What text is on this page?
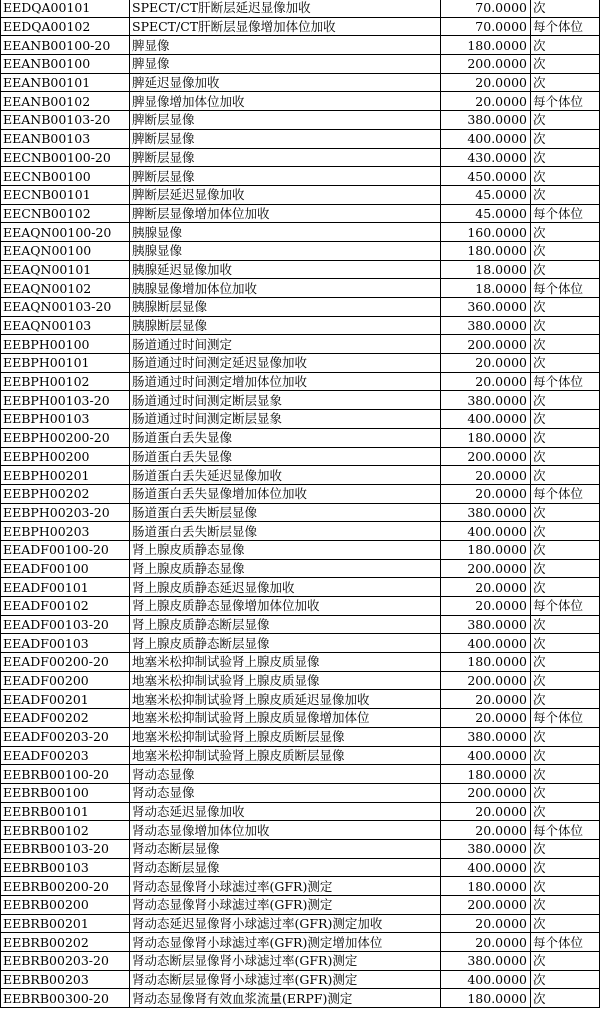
EEDQA00101	SPECT/CT肝断层延迟显像加收	70.0000	次
EEDQA00102	SPECT/CT肝断层显像增加体位加收	70.0000	每个体位
EEANB00100-20	脾显像	180.0000	次
EEANB00100	脾显像	200.0000	次
EEANB00101	脾延迟显像加收	20.0000	次
EEANB00102	脾显像增加体位加收	20.0000	每个体位
EEANB00103-20	脾断层显像	380.0000	次
EEANB00103	脾断层显像	400.0000	次
EECNB00100-20	脾断层显像	430.0000	次
EECNB00100	脾断层显像	450.0000	次
EECNB00101	脾断层延迟显像加收	45.0000	次
EECNB00102	脾断层显像增加体位加收	45.0000	每个体位
EEAQN00100-20	胰腺显像	160.0000	次
EEAQN00100	胰腺显像	180.0000	次
EEAQN00101	胰腺延迟显像加收	18.0000	次
EEAQN00102	胰腺显像增加体位加收	18.0000	每个体位
EEAQN00103-20	胰腺断层显像	360.0000	次
EEAQN00103	胰腺断层显像	380.0000	次
EEBPH00100	肠道通过时间测定	200.0000	次
EEBPH00101	肠道通过时间测定延迟显像加收	20.0000	次
EEBPH00102	肠道通过时间测定增加体位加收	20.0000	每个体位
EEBPH00103-20	肠道通过时间测定断层显象	380.0000	次
EEBPH00103	肠道通过时间测定断层显象	400.0000	次
EEBPH00200-20	肠道蛋白丢失显像	180.0000	次
EEBPH00200	肠道蛋白丢失显像	200.0000	次
EEBPH00201	肠道蛋白丢失延迟显像加收	20.0000	次
EEBPH00202	肠道蛋白丢失显像增加体位加收	20.0000	每个体位
EEBPH00203-20	肠道蛋白丢失断层显像	380.0000	次
EEBPH00203	肠道蛋白丢失断层显像	400.0000	次
EEADF00100-20	肾上腺皮质静态显像	180.0000	次
EEADF00100	肾上腺皮质静态显像	200.0000	次
EEADF00101	肾上腺皮质静态延迟显像加收	20.0000	次
EEADF00102	肾上腺皮质静态显像增加体位加收	20.0000	每个体位
EEADF00103-20	肾上腺皮质静态断层显像	380.0000	次
EEADF00103	肾上腺皮质静态断层显像	400.0000	次
EEADF00200-20	地塞米松抑制试验肾上腺皮质显像	180.0000	次
EEADF00200	地塞米松抑制试验肾上腺皮质显像	200.0000	次
EEADF00201	地塞米松抑制试验肾上腺皮质延迟显像加收	20.0000	次
EEADF00202	地塞米松抑制试验肾上腺皮质显像增加体位	20.0000	每个体位
EEADF00203-20	地塞米松抑制试验肾上腺皮质断层显像	380.0000	次
EEADF00203	地塞米松抑制试验肾上腺皮质断层显像	400.0000	次
EEBRB00100-20	肾动态显像	180.0000	次
EEBRB00100	肾动态显像	200.0000	次
EEBRB00101	肾动态延迟显像加收	20.0000	次
EEBRB00102	肾动态显像增加体位加收	20.0000	每个体位
EEBRB00103-20	肾动态断层显像	380.0000	次
EEBRB00103	肾动态断层显像	400.0000	次
EEBRB00200-20	肾动态显像肾小球滤过率(GFR)测定	180.0000	次
EEBRB00200	肾动态显像肾小球滤过率(GFR)测定	200.0000	次
EEBRB00201	肾动态延迟显像肾小球滤过率(GFR)测定加收	20.0000	次
EEBRB00202	肾动态显像肾小球滤过率(GFR)测定增加体位	20.0000	每个体位
EEBRB00203-20	肾动态断层显像肾小球滤过率(GFR)测定	380.0000	次
EEBRB00203	肾动态断层显像肾小球滤过率(GFR)测定	400.0000	次
EEBRB00300-20	肾动态显像肾有效血浆流量(ERPF)测定	180.0000	次
